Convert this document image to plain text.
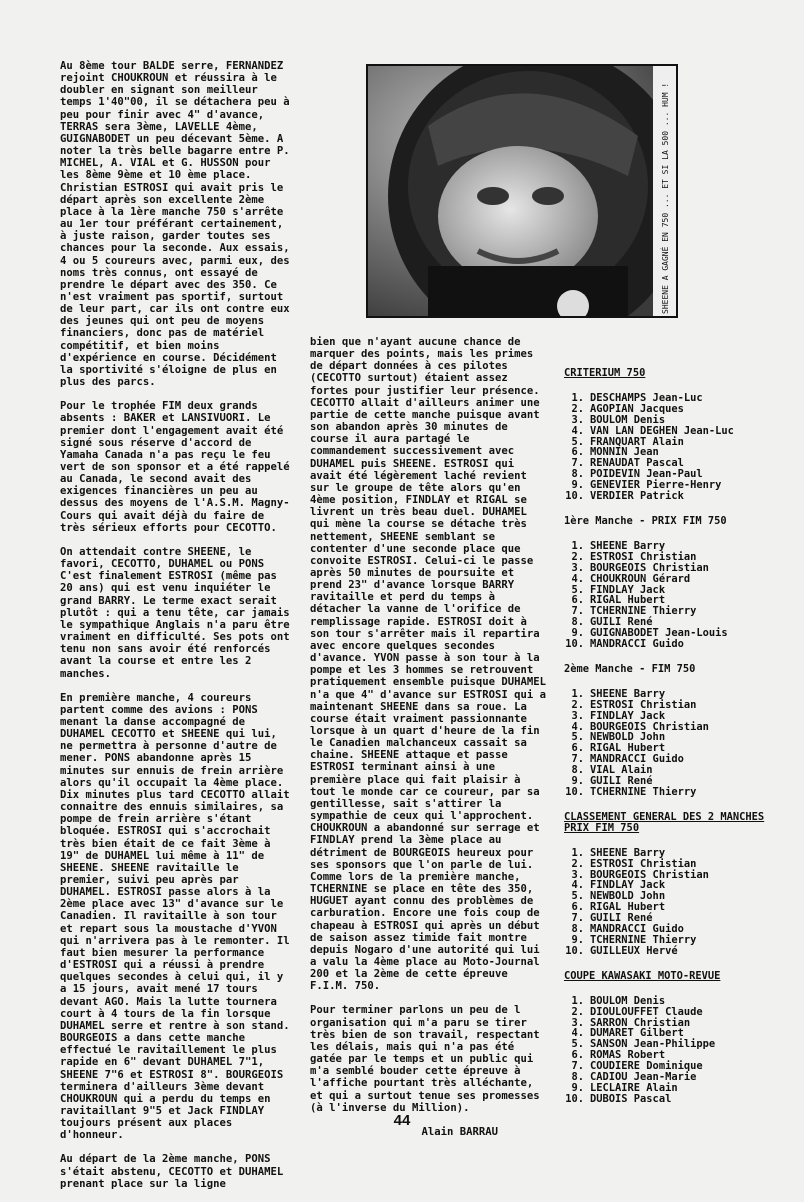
Au 8ème tour BALDE serre, FERNANDEZ rejoint CHOUKROUN et réussira à le doubler en signant son meilleur temps 1'40"00, il se détachera peu à peu pour finir avec 4" d'avance, TERRAS sera 3ème, LAVELLE 4ème, GUIGNABODET un peu décevant 5ème. A noter la très belle bagarre entre P. MICHEL, A. VIAL et G. HUSSON pour les 8ème 9ème et 10 ème place. Christian ESTROSI qui avait pris le départ après son excellente 2ème place à la 1ère manche 750 s'arrête au 1er tour préférant certainement, à juste raison, garder toutes ses chances pour la seconde. Aux essais, 4 ou 5 coureurs avec, parmi eux, des noms très connus, ont essayé de prendre le départ avec des 350. Ce n'est vraiment pas sportif, surtout de leur part, car ils ont contre eux des jeunes qui ont peu de moyens financiers, donc pas de matériel compétitif, et bien moins d'expérience en course. Décidément la sportivité s'éloigne de plus en plus des parcs.

Pour le trophée FIM deux grands absents : BAKER et LANSIVUORI. Le premier dont l'engagement avait été signé sous réserve d'accord de Yamaha Canada n'a pas reçu le feu vert de son sponsor et a été rappelé au Canada, le second avait des exigences financières un peu au dessus des moyens de l'A.S.M. Magny-Cours qui avait déjà du faire de très sérieux efforts pour CECOTTO.

On attendait contre SHEENE, le favori, CECOTTO, DUHAMEL ou PONS C'est finalement ESTROSI (même pas 20 ans) qui est venu inquiéter le grand BARRY. Le terme exact serait plutôt : qui a tenu tête, car jamais le sympathique Anglais n'a paru être vraiment en difficulté. Ses pots ont tenu non sans avoir été renforcés avant la course et entre les 2 manches.

En première manche, 4 coureurs partent comme des avions : PONS menant la danse accompagné de DUHAMEL CECOTTO et SHEENE qui lui, ne permettra à personne d'autre de mener. PONS abandonne après 15 minutes sur ennuis de frein arrière alors qu'il occupait la 4ème place. Dix minutes plus tard CECOTTO allait connaitre des ennuis similaires, sa pompe de frein arrière s'étant bloquée. ESTROSI qui s'accrochait très bien était de ce fait 3ème à 19" de DUHAMEL lui même à 11" de SHEENE. SHEENE ravitaille le premier, suivi peu après par DUHAMEL. ESTROSI passe alors à la 2ème place avec 13" d'avance sur le Canadien. Il ravitaille à son tour et repart sous la moustache d'YVON qui n'arrivera pas à le remonter. Il faut bien mesurer la performance d'ESTROSI qui a réussi à prendre quelques secondes à celui qui, il y a 15 jours, avait mené 17 tours devant AGO. Mais la lutte tournera court à 4 tours de la fin lorsque DUHAMEL serre et rentre à son stand. BOURGEOIS a dans cette manche effectué le ravitaillement le plus rapide en 6" devant DUHAMEL 7"1, SHEENE 7"6 et ESTROSI 8". BOURGEOIS terminera d'ailleurs 3ème devant CHOUKROUN qui a perdu du temps en ravitaillant 9"5 et Jack FINDLAY toujours présent aux places d'honneur.

Au départ de la 2ème manche, PONS s'était abstenu, CECOTTO et DUHAMEL prenant place sur la ligne

SHEENE A GAGNÉ EN 750 ... ET SI LA 500 ... HUM !

bien que n'ayant aucune chance de marquer des points, mais les primes de départ données à ces pilotes (CECOTTO surtout) étaient assez fortes pour justifier leur présence. CECOTTO allait d'ailleurs animer une partie de cette manche puisque avant son abandon après 30 minutes de course il aura partagé le commandement successivement avec DUHAMEL puis SHEENE. ESTROSI qui avait été légèrement laché revient sur le groupe de tête alors qu'en 4ème position, FINDLAY et RIGAL se livrent un très beau duel. DUHAMEL qui mène la course se détache très nettement, SHEENE semblant se contenter d'une seconde place que convoite ESTROSI. Celui-ci le passe après 50 minutes de poursuite et prend 23" d'avance lorsque BARRY ravitaille et perd du temps à détacher la vanne de l'orifice de remplissage rapide. ESTROSI doit à son tour s'arrêter mais il repartira avec encore quelques secondes d'avance. YVON passe à son tour à la pompe et les 3 hommes se retrouvent pratiquement ensemble puisque DUHAMEL n'a que 4" d'avance sur ESTROSI qui a maintenant SHEENE dans sa roue. La course était vraiment passionnante lorsque à un quart d'heure de la fin le Canadien malchanceux cassait sa chaine. SHEENE attaque et passe ESTROSI terminant ainsi à une première place qui fait plaisir à tout le monde car ce coureur, par sa gentillesse, sait s'attirer la sympathie de ceux qui l'approchent. CHOUKROUN a abandonné sur serrage et FINDLAY prend la 3ème place au détriment de BOURGEOIS heureux pour ses sponsors que l'on parle de lui. Comme lors de la première manche, TCHERNINE se place en tête des 350, HUGUET ayant connu des problèmes de carburation. Encore une fois coup de chapeau à ESTROSI qui après un début de saison assez timide fait montre depuis Nogaro d'une autorité qui lui a valu la 4ème place au Moto-Journal 200 et la 2ème de cette épreuve F.I.M. 750.

Pour terminer parlons un peu de l organisation qui m'a paru se tirer très bien de son travail, respectant les délais, mais qui n'a pas été gatée par le temps et un public qui m'a semblé bouder cette épreuve à l'affiche pourtant très alléchante, et qui a surtout tenue ses promesses (à l'inverse du Million).

Alain BARRAU
CRITERIUM 750
1. DESCHAMPS Jean-Luc
2. AGOPIAN Jacques
3. BOULOM Denis
4. VAN LAN DEGHEN Jean-Luc
5. FRANQUART Alain
6. MONNIN Jean
7. RENAUDAT Pascal
8. POIDEVIN Jean-Paul
9. GENEVIER Pierre-Henry
10. VERDIER Patrick
1ère Manche - PRIX FIM 750
1. SHEENE Barry
2. ESTROSI Christian
3. BOURGEOIS Christian
4. CHOUKROUN Gérard
5. FINDLAY Jack
6. RIGAL Hubert
7. TCHERNINE Thierry
8. GUILI René
9. GUIGNABODET Jean-Louis
10. MANDRACCI Guido
2ème Manche - FIM 750
1. SHEENE Barry
2. ESTROSI Christian
3. FINDLAY Jack
4. BOURGEOIS Christian
5. NEWBOLD John
6. RIGAL Hubert
7. MANDRACCI Guido
8. VIAL Alain
9. GUILI René
10. TCHERNINE Thierry
CLASSEMENT GENERAL DES 2 MANCHES PRIX FIM 750
1. SHEENE Barry
2. ESTROSI Christian
3. BOURGEOIS Christian
4. FINDLAY Jack
5. NEWBOLD John
6. RIGAL Hubert
7. GUILI René
8. MANDRACCI Guido
9. TCHERNINE Thierry
10. GUILLEUX Hervé
COUPE KAWASAKI MOTO-REVUE
1. BOULOM Denis
2. DIOULOUFFET Claude
3. SARRON Christian
4. DUMARET Gilbert
5. SANSON Jean-Philippe
6. ROMAS Robert
7. COUDIERE Dominique
8. CADIOU Jean-Marie
9. LECLAIRE Alain
10. DUBOIS Pascal
44
